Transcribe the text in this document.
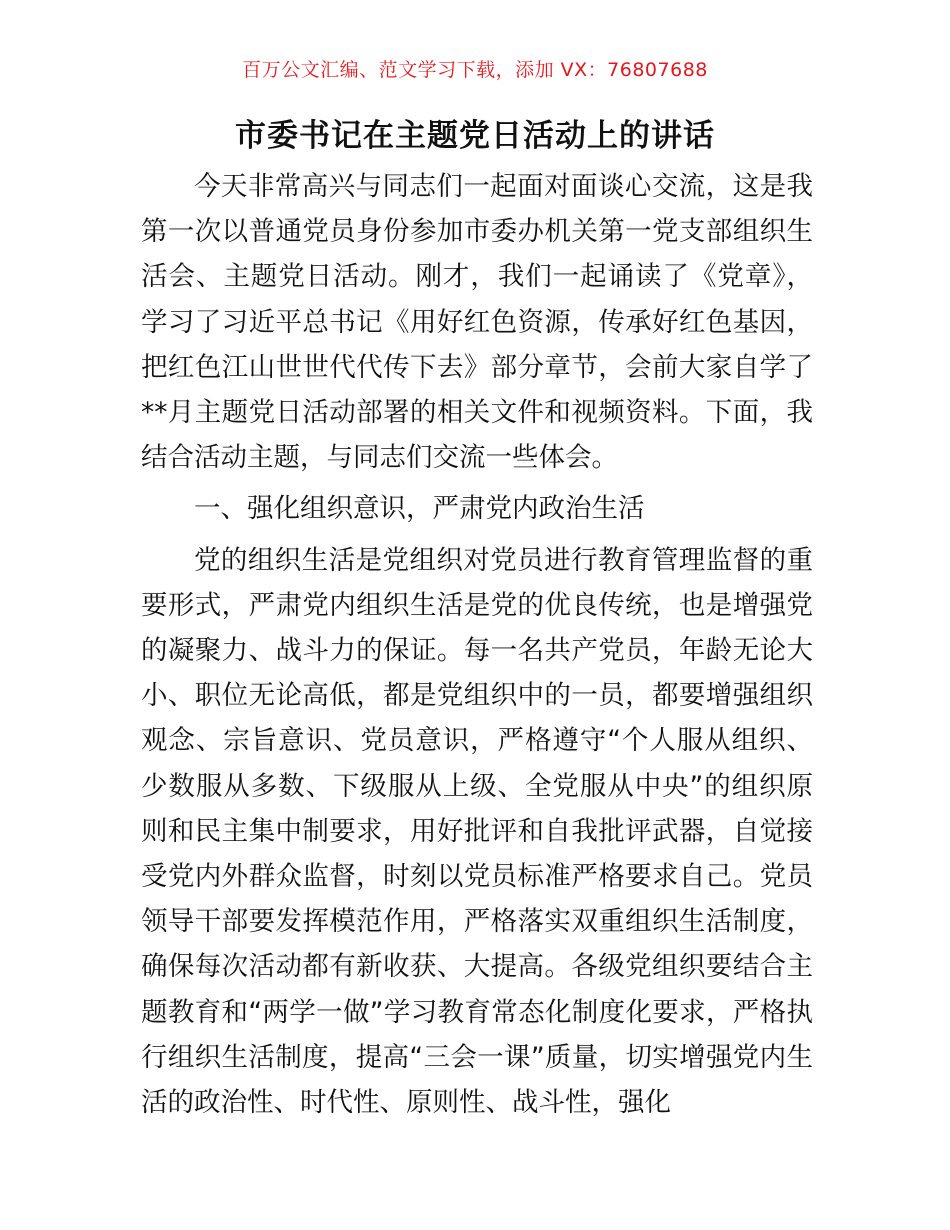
百万公文汇编、范文学习下载，添加 VX：76807688
市委书记在主题党日活动上的讲话

今天非常高兴与同志们一起面对面谈心交流，这是我第一次以普通党员身份参加市委办机关第一党支部组织生活会、主题党日活动。刚才，我们一起诵读了《党章》，学习了习近平总书记《用好红色资源，传承好红色基因，把红色江山世世代代传下去》部分章节，会前大家自学了**月主题党日活动部署的相关文件和视频资料。下面，我结合活动主题，与同志们交流一些体会。

一、强化组织意识，严肃党内政治生活

党的组织生活是党组织对党员进行教育管理监督的重要形式，严肃党内组织生活是党的优良传统，也是增强党的凝聚力、战斗力的保证。每一名共产党员，年龄无论大小、职位无论高低，都是党组织中的一员，都要增强组织观念、宗旨意识、党员意识，严格遵守“个人服从组织、少数服从多数、下级服从上级、全党服从中央”的组织原则和民主集中制要求，用好批评和自我批评武器，自觉接受党内外群众监督，时刻以党员标准严格要求自己。党员领导干部要发挥模范作用，严格落实双重组织生活制度，确保每次活动都有新收获、大提高。各级党组织要结合主题教育和“两学一做”学习教育常态化制度化要求，严格执行组织生活制度，提高“三会一课”质量，切实增强党内生活的政治性、时代性、原则性、战斗性，强化
